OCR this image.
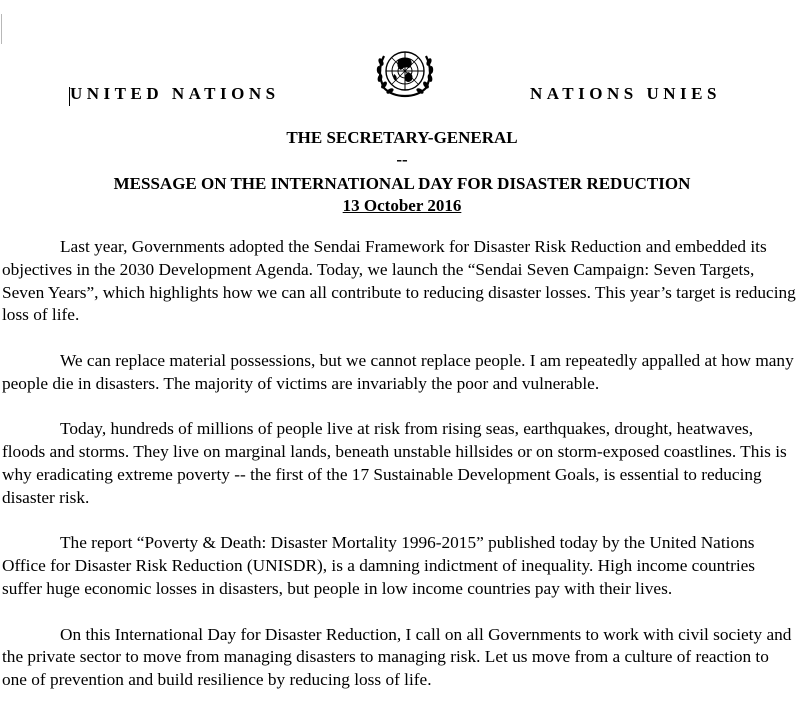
UNITED NATIONS	NATIONS UNIES
THE SECRETARY-GENERAL
--
MESSAGE ON THE INTERNATIONAL DAY FOR DISASTER REDUCTION
13 October 2016

Last year, Governments adopted the Sendai Framework for Disaster Risk Reduction and embedded its objectives in the 2030 Development Agenda. Today, we launch the “Sendai Seven Campaign: Seven Targets, Seven Years”, which highlights how we can all contribute to reducing disaster losses. This year’s target is reducing loss of life.

We can replace material possessions, but we cannot replace people. I am repeatedly appalled at how many people die in disasters. The majority of victims are invariably the poor and vulnerable.

Today, hundreds of millions of people live at risk from rising seas, earthquakes, drought, heatwaves, floods and storms. They live on marginal lands, beneath unstable hillsides or on storm-exposed coastlines. This is why eradicating extreme poverty -- the first of the 17 Sustainable Development Goals, is essential to reducing disaster risk.

The report “Poverty & Death: Disaster Mortality 1996-2015” published today by the United Nations Office for Disaster Risk Reduction (UNISDR), is a damning indictment of inequality. High income countries suffer huge economic losses in disasters, but people in low income countries pay with their lives.

On this International Day for Disaster Reduction, I call on all Governments to work with civil society and the private sector to move from managing disasters to managing risk. Let us move from a culture of reaction to one of prevention and build resilience by reducing loss of life.
